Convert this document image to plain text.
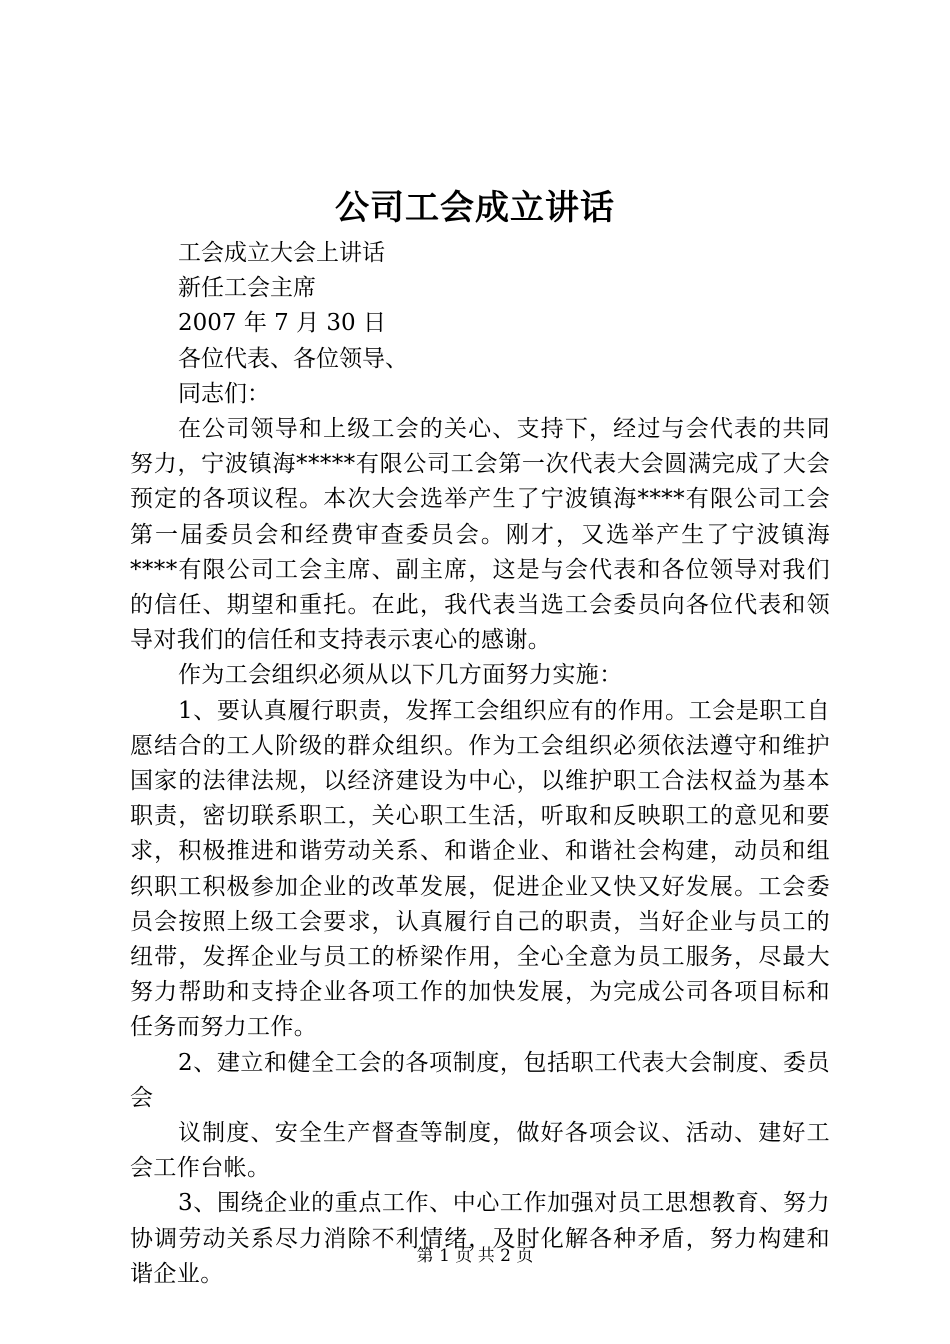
公司工会成立讲话

工会成立大会上讲话

新任工会主席

2007 年 7 月 30 日

各位代表、各位领导、

同志们：

在公司领导和上级工会的关心、支持下，经过与会代表的共同努力，宁波镇海*****有限公司工会第一次代表大会圆满完成了大会预定的各项议程。本次大会选举产生了宁波镇海****有限公司工会第一届委员会和经费审查委员会。刚才，又选举产生了宁波镇海****有限公司工会主席、副主席，这是与会代表和各位领导对我们的信任、期望和重托。在此，我代表当选工会委员向各位代表和领导对我们的信任和支持表示衷心的感谢。

作为工会组织必须从以下几方面努力实施：

1、要认真履行职责，发挥工会组织应有的作用。工会是职工自愿结合的工人阶级的群众组织。作为工会组织必须依法遵守和维护国家的法律法规，以经济建设为中心，以维护职工合法权益为基本职责，密切联系职工，关心职工生活，听取和反映职工的意见和要求，积极推进和谐劳动关系、和谐企业、和谐社会构建，动员和组织职工积极参加企业的改革发展，促进企业又快又好发展。工会委员会按照上级工会要求，认真履行自己的职责，当好企业与员工的纽带，发挥企业与员工的桥梁作用，全心全意为员工服务，尽最大努力帮助和支持企业各项工作的加快发展，为完成公司各项目标和任务而努力工作。

2、建立和健全工会的各项制度，包括职工代表大会制度、委员会

议制度、安全生产督查等制度，做好各项会议、活动、建好工会工作台帐。

3、围绕企业的重点工作、中心工作加强对员工思想教育、努力协调劳动关系尽力消除不利情绪，及时化解各种矛盾，努力构建和谐企业。

第 1 页 共 2 页
